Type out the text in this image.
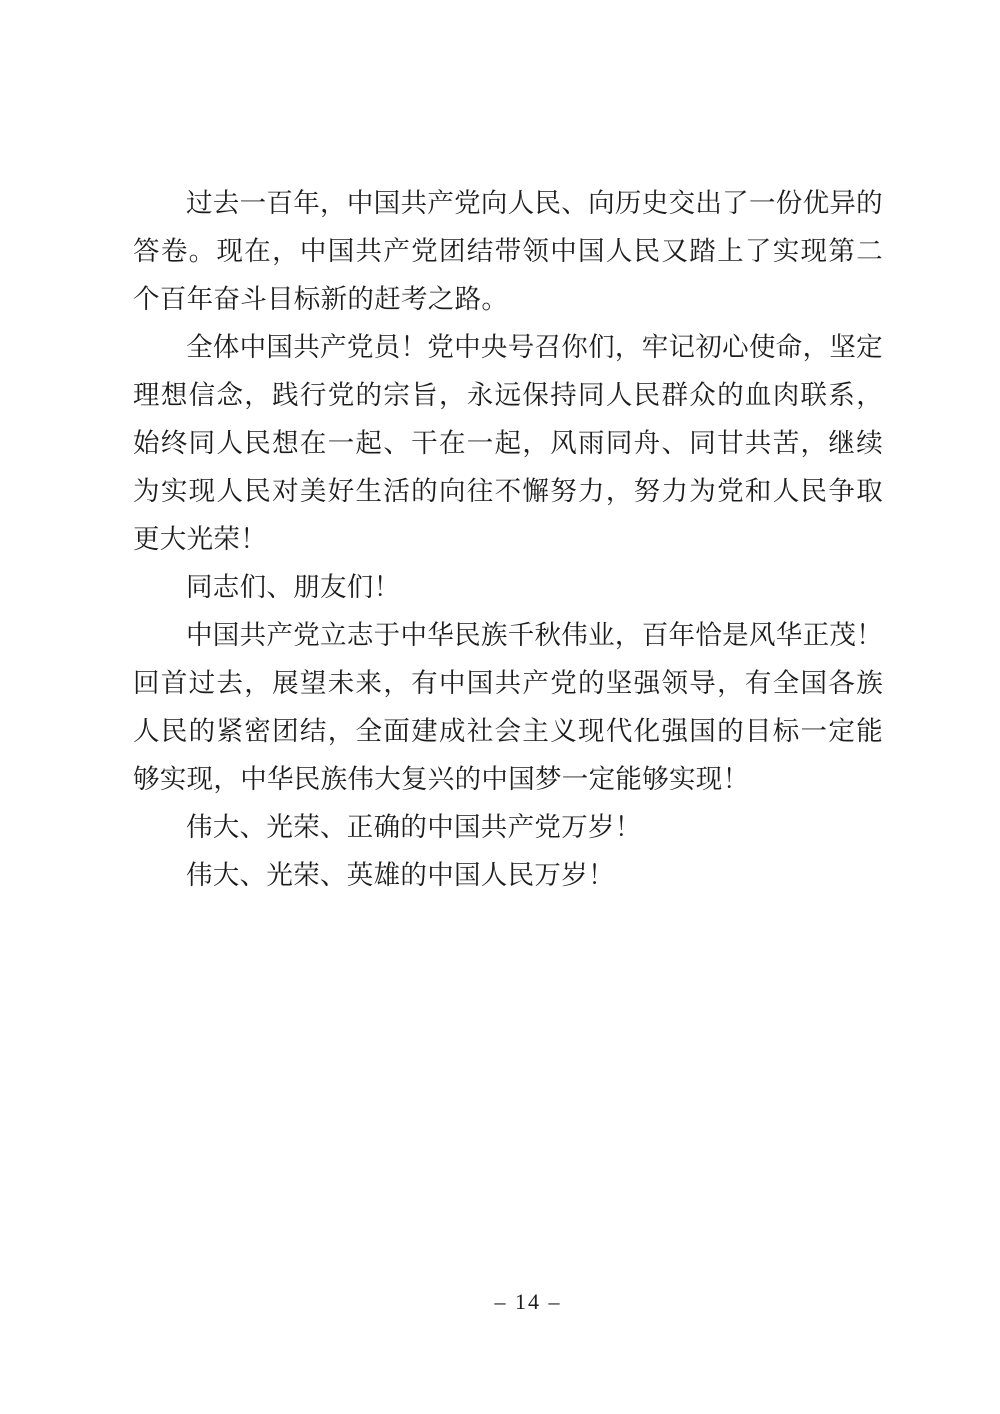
过去一百年，中国共产党向人民、向历史交出了一份优异的答卷。现在，中国共产党团结带领中国人民又踏上了实现第二个百年奋斗目标新的赶考之路。

全体中国共产党员！党中央号召你们，牢记初心使命，坚定理想信念，践行党的宗旨，永远保持同人民群众的血肉联系，始终同人民想在一起、干在一起，风雨同舟、同甘共苦，继续为实现人民对美好生活的向往不懈努力，努力为党和人民争取更大光荣！

同志们、朋友们！

中国共产党立志于中华民族千秋伟业，百年恰是风华正茂！回首过去，展望未来，有中国共产党的坚强领导，有全国各族人民的紧密团结，全面建成社会主义现代化强国的目标一定能够实现，中华民族伟大复兴的中国梦一定能够实现！

伟大、光荣、正确的中国共产党万岁！

伟大、光荣、英雄的中国人民万岁！

– 14 –
